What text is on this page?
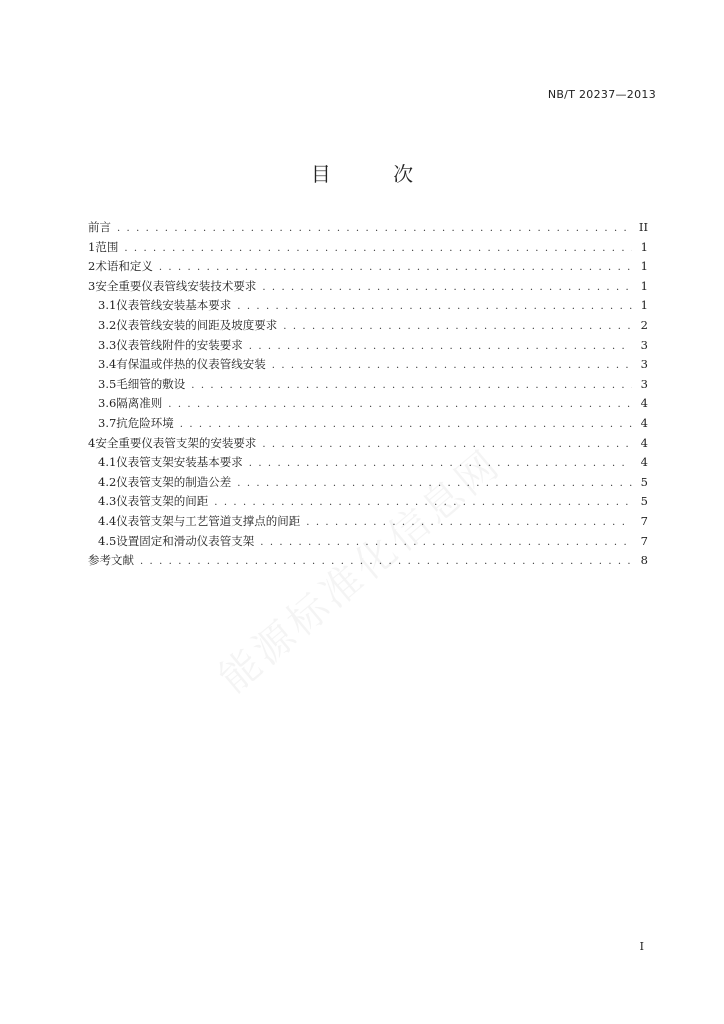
NB/T 20237—2013
目 次
前言 . . .	II
1 范围 . . .	1
2 术语和定义 . . .	1
3 安全重要仪表管线安装技术要求 . . .	1
3.1 仪表管线安装基本要求 . . .	1
3.2 仪表管线安装的间距及坡度要求 . . .	2
3.3 仪表管线附件的安装要求 . . .	3
3.4 有保温或伴热的仪表管线安装 . . .	3
3.5 毛细管的敷设 . . .	3
3.6 隔离准则 . . .	4
3.7 抗危险环境 . . .	4
4 安全重要仪表管支架的安装要求 . . .	4
4.1 仪表管支架安装基本要求 . . .	4
4.2 仪表管支架的制造公差 . . .	5
4.3 仪表管支架的间距 . . .	5
4.4 仪表管支架与工艺管道支撑点的间距 . . .	7
4.5 设置固定和滑动仪表管支架 . . .	7
参考文献 . . .	8
I
